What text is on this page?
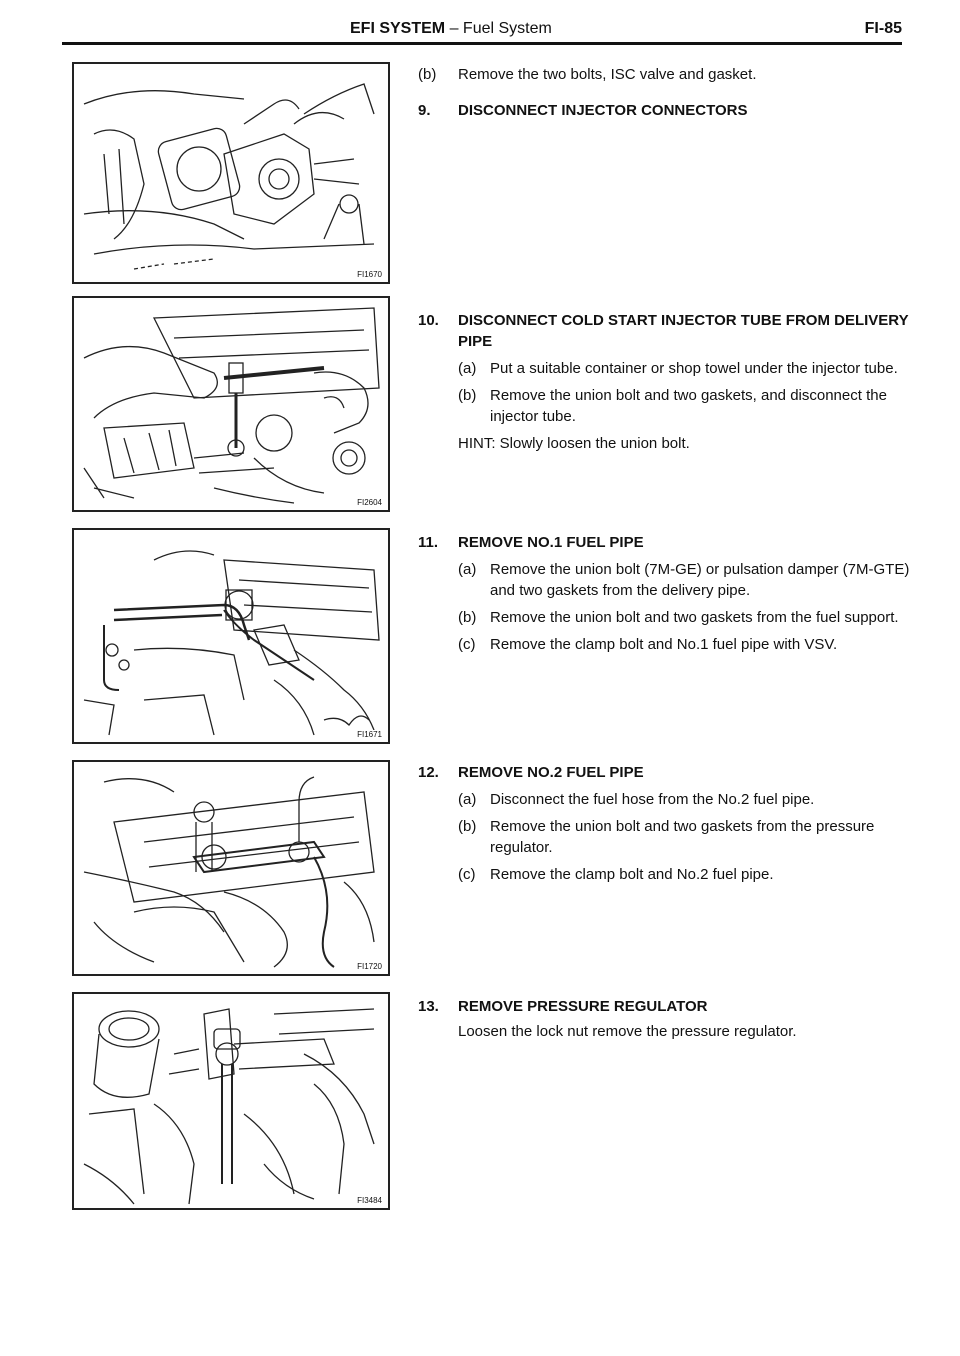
EFI SYSTEM – Fuel System	FI-85
FI1670
FI2604
FI1671
FI1720
FI3484
(b) Remove the two bolts, ISC valve and gasket.
9. DISCONNECT INJECTOR CONNECTORS
10. DISCONNECT COLD START INJECTOR TUBE FROM DELIVERY PIPE
(a) Put a suitable container or shop towel under the injector tube.
(b) Remove the union bolt and two gaskets, and disconnect the injector tube.
HINT: Slowly loosen the union bolt.
11. REMOVE NO.1 FUEL PIPE
(a) Remove the union bolt (7M-GE) or pulsation damper (7M-GTE) and two gaskets from the delivery pipe.
(b) Remove the union bolt and two gaskets from the fuel support.
(c) Remove the clamp bolt and No.1 fuel pipe with VSV.
12. REMOVE NO.2 FUEL PIPE
(a) Disconnect the fuel hose from the No.2 fuel pipe.
(b) Remove the union bolt and two gaskets from the pressure regulator.
(c) Remove the clamp bolt and No.2 fuel pipe.
13. REMOVE PRESSURE REGULATOR
Loosen the lock nut remove the pressure regulator.
